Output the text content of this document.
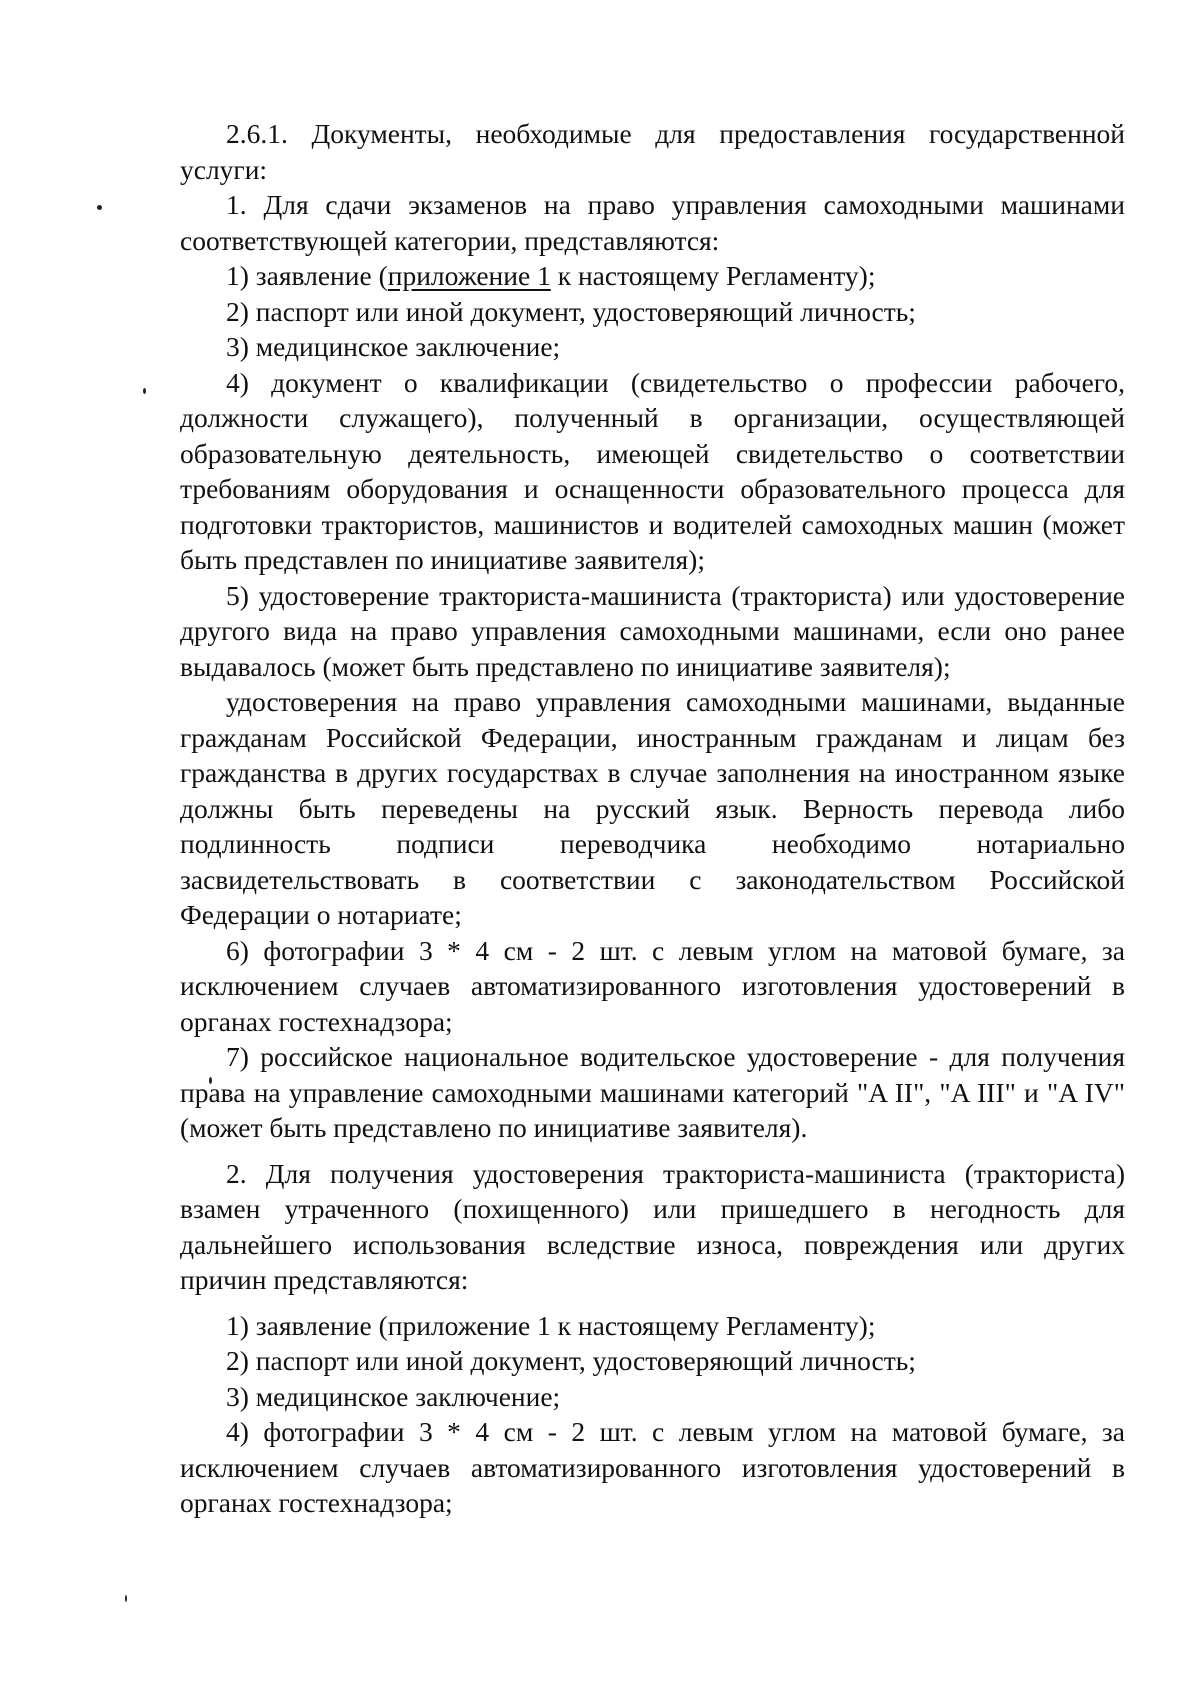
2.6.1. Документы, необходимые для предоставления государственной услуги:

1. Для сдачи экзаменов на право управления самоходными машинами соответствующей категории, представляются:

1) заявление (приложение 1 к настоящему Регламенту);

2) паспорт или иной документ, удостоверяющий личность;

3) медицинское заключение;

4) документ о квалификации (свидетельство о профессии рабочего, должности служащего), полученный в организации, осуществляющей образовательную деятельность, имеющей свидетельство о соответствии требованиям оборудования и оснащенности образовательного процесса для подготовки трактористов, машинистов и водителей самоходных машин (может быть представлен по инициативе заявителя);

5) удостоверение тракториста-машиниста (тракториста) или удостоверение другого вида на право управления самоходными машинами, если оно ранее выдавалось (может быть представлено по инициативе заявителя);

удостоверения на право управления самоходными машинами, выданные гражданам Российской Федерации, иностранным гражданам и лицам без гражданства в других государствах в случае заполнения на иностранном языке должны быть переведены на русский язык. Верность перевода либо подлинность подписи переводчика необходимо нотариально засвидетельствовать в соответствии с законодательством Российской Федерации о нотариате;

6) фотографии 3 * 4 см - 2 шт. с левым углом на матовой бумаге, за исключением случаев автоматизированного изготовления удостоверений в органах гостехнадзора;

7) российское национальное водительское удостоверение - для получения права на управление самоходными машинами категорий "A II", "A III" и "A IV" (может быть представлено по инициативе заявителя).

2. Для получения удостоверения тракториста-машиниста (тракториста) взамен утраченного (похищенного) или пришедшего в негодность для дальнейшего использования вследствие износа, повреждения или других причин представляются:

1) заявление (приложение 1 к настоящему Регламенту);

2) паспорт или иной документ, удостоверяющий личность;

3) медицинское заключение;

4) фотографии 3 * 4 см - 2 шт. с левым углом на матовой бумаге, за исключением случаев автоматизированного изготовления удостоверений в органах гостехнадзора;
